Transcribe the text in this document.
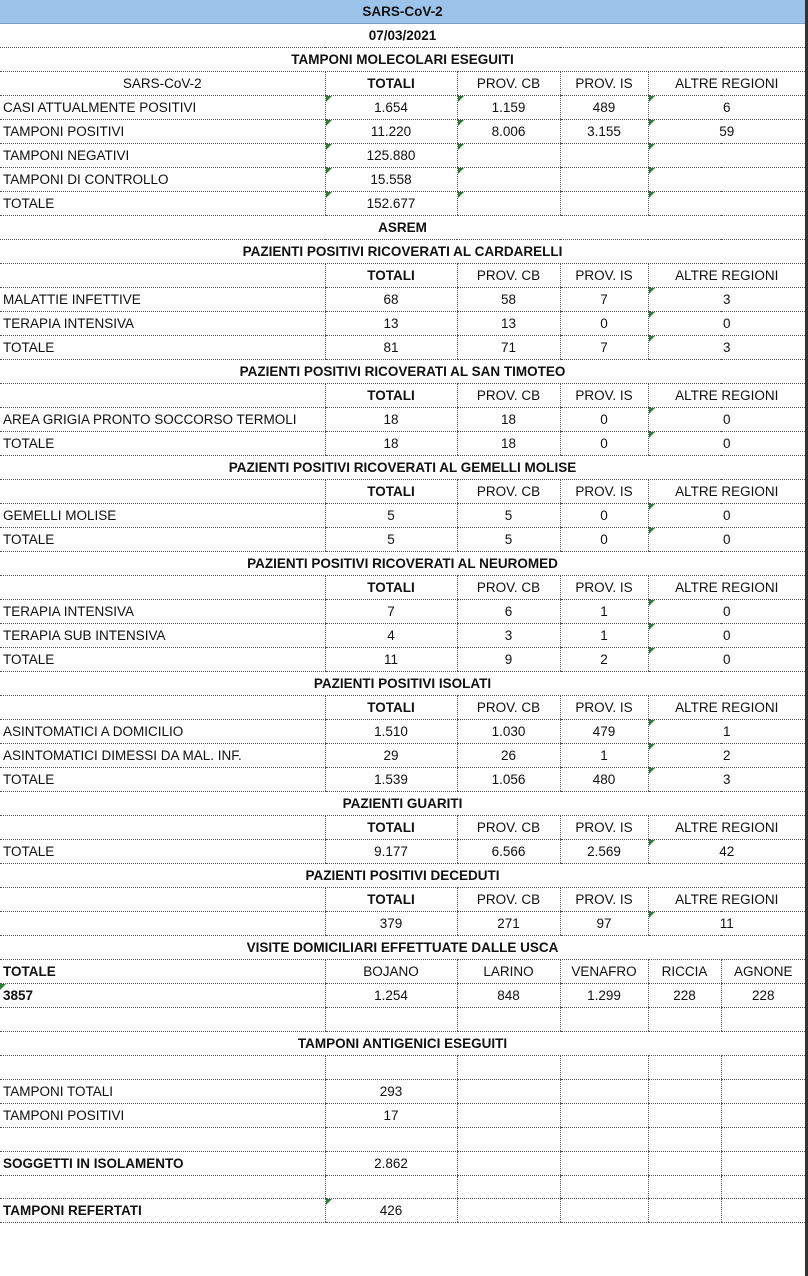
SARS-CoV-2					
07/03/2021					
TAMPONI MOLECOLARI ESEGUITI					
SARS-CoV-2	TOTALI	PROV. CB	PROV. IS	ALTRE REGIONI	
CASI ATTUALMENTE POSITIVI	1.654	1.159	489	6	
TAMPONI POSITIVI	11.220	8.006	3.155	59	
TAMPONI NEGATIVI	125.880				
TAMPONI DI CONTROLLO	15.558				
TOTALE	152.677				
ASREM					
PAZIENTI POSITIVI RICOVERATI AL CARDARELLI					
	TOTALI	PROV. CB	PROV. IS	ALTRE REGIONI	
MALATTIE INFETTIVE	68	58	7	3	
TERAPIA INTENSIVA	13	13	0	0	
TOTALE	81	71	7	3	
PAZIENTI POSITIVI RICOVERATI AL SAN TIMOTEO					
	TOTALI	PROV. CB	PROV. IS	ALTRE REGIONI	
AREA GRIGIA PRONTO SOCCORSO TERMOLI	18	18	0	0	
TOTALE	18	18	0	0	
PAZIENTI POSITIVI RICOVERATI AL GEMELLI MOLISE					
	TOTALI	PROV. CB	PROV. IS	ALTRE REGIONI	
GEMELLI MOLISE	5	5	0	0	
TOTALE	5	5	0	0	
PAZIENTI POSITIVI RICOVERATI AL NEUROMED					
	TOTALI	PROV. CB	PROV. IS	ALTRE REGIONI	
TERAPIA INTENSIVA	7	6	1	0	
TERAPIA SUB INTENSIVA	4	3	1	0	
TOTALE	11	9	2	0	
PAZIENTI POSITIVI ISOLATI					
	TOTALI	PROV. CB	PROV. IS	ALTRE REGIONI	
ASINTOMATICI A DOMICILIO	1.510	1.030	479	1	
ASINTOMATICI DIMESSI DA MAL. INF.	29	26	1	2	
TOTALE	1.539	1.056	480	3	
PAZIENTI GUARITI					
	TOTALI	PROV. CB	PROV. IS	ALTRE REGIONI	
TOTALE	9.177	6.566	2.569	42	
PAZIENTI POSITIVI DECEDUTI					
	TOTALI	PROV. CB	PROV. IS	ALTRE REGIONI	
	379	271	97	11	
VISITE DOMICILIARI EFFETTUATE DALLE USCA					
TOTALE	BOJANO	LARINO	VENAFRO	RICCIA	AGNONE
3857	1.254	848	1.299	228	228

TAMPONI ANTIGENICI ESEGUITI					

TAMPONI TOTALI	293				
TAMPONI POSITIVI	17				

SOGGETTI IN ISOLAMENTO	2.862				

TAMPONI REFERTATI	426				
